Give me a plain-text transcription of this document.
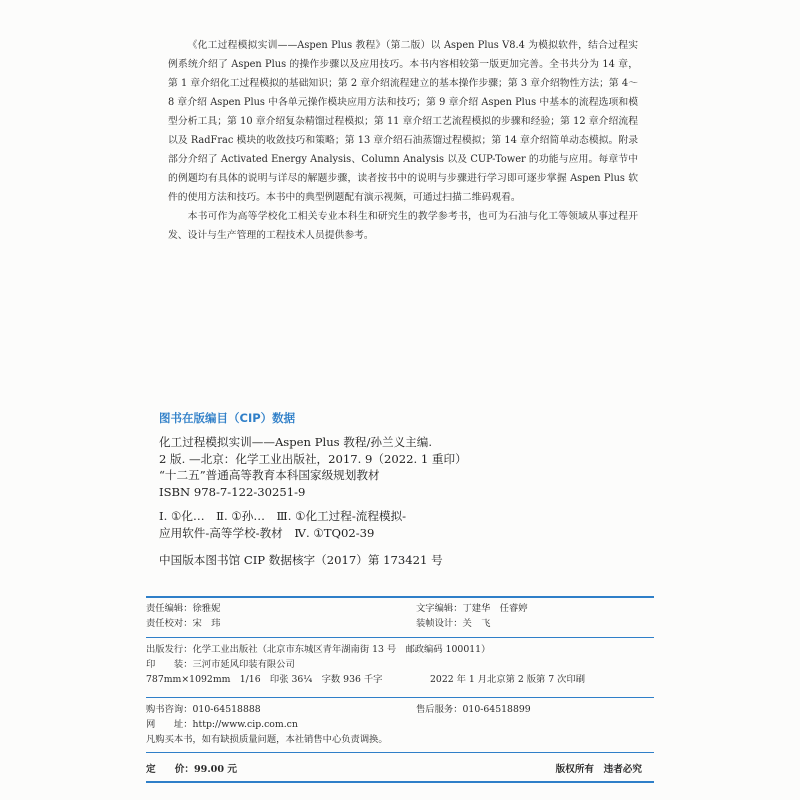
《化工过程模拟实训——Aspen Plus 教程》（第二版）以 Aspen Plus V8.4 为模拟软件，结合过程实例系统介绍了 Aspen Plus 的操作步骤以及应用技巧。本书内容相较第一版更加完善。全书共分为 14 章，第 1 章介绍化工过程模拟的基础知识；第 2 章介绍流程建立的基本操作步骤；第 3 章介绍物性方法；第 4～8 章介绍 Aspen Plus 中各单元操作模块应用方法和技巧；第 9 章介绍 Aspen Plus 中基本的流程选项和模型分析工具；第 10 章介绍复杂精馏过程模拟；第 11 章介绍工艺流程模拟的步骤和经验；第 12 章介绍流程以及 RadFrac 模块的收敛技巧和策略；第 13 章介绍石油蒸馏过程模拟；第 14 章介绍简单动态模拟。附录部分介绍了 Activated Energy Analysis、Column Analysis 以及 CUP-Tower 的功能与应用。每章节中的例题均有具体的说明与详尽的解题步骤，读者按书中的说明与步骤进行学习即可逐步掌握 Aspen Plus 软件的使用方法和技巧。本书中的典型例题配有演示视频，可通过扫描二维码观看。

本书可作为高等学校化工相关专业本科生和研究生的教学参考书，也可为石油与化工等领域从事过程开发、设计与生产管理的工程技术人员提供参考。

图书在版编目（CIP）数据
化工过程模拟实训——Aspen Plus 教程/孙兰义主编.
2 版. —北京：化学工业出版社，2017. 9（2022. 1 重印）
“十二五”普通高等教育本科国家级规划教材
ISBN 978-7-122-30251-9
Ⅰ. ①化…　Ⅱ. ①孙…　Ⅲ. ①化工过程-流程模拟-
应用软件-高等学校-教材　Ⅳ. ①TQ02-39
中国版本图书馆 CIP 数据核字（2017）第 173421 号
责任编辑：徐雅妮	文字编辑：丁建华　任睿婷
责任校对：宋　玮	装帧设计：关　飞
出版发行：化学工业出版社（北京市东城区青年湖南街 13 号　邮政编码 100011）
印　　装：三河市延风印装有限公司
787mm×1092mm　1/16　印张 36¼　字数 936 千字	2022 年 1 月北京第 2 版第 7 次印刷
购书咨询：010-64518888	售后服务：010-64518899
网　　址：http://www.cip.com.cn
凡购买本书，如有缺损质量问题，本社销售中心负责调换。
定　　价：99.00 元	版权所有　违者必究
